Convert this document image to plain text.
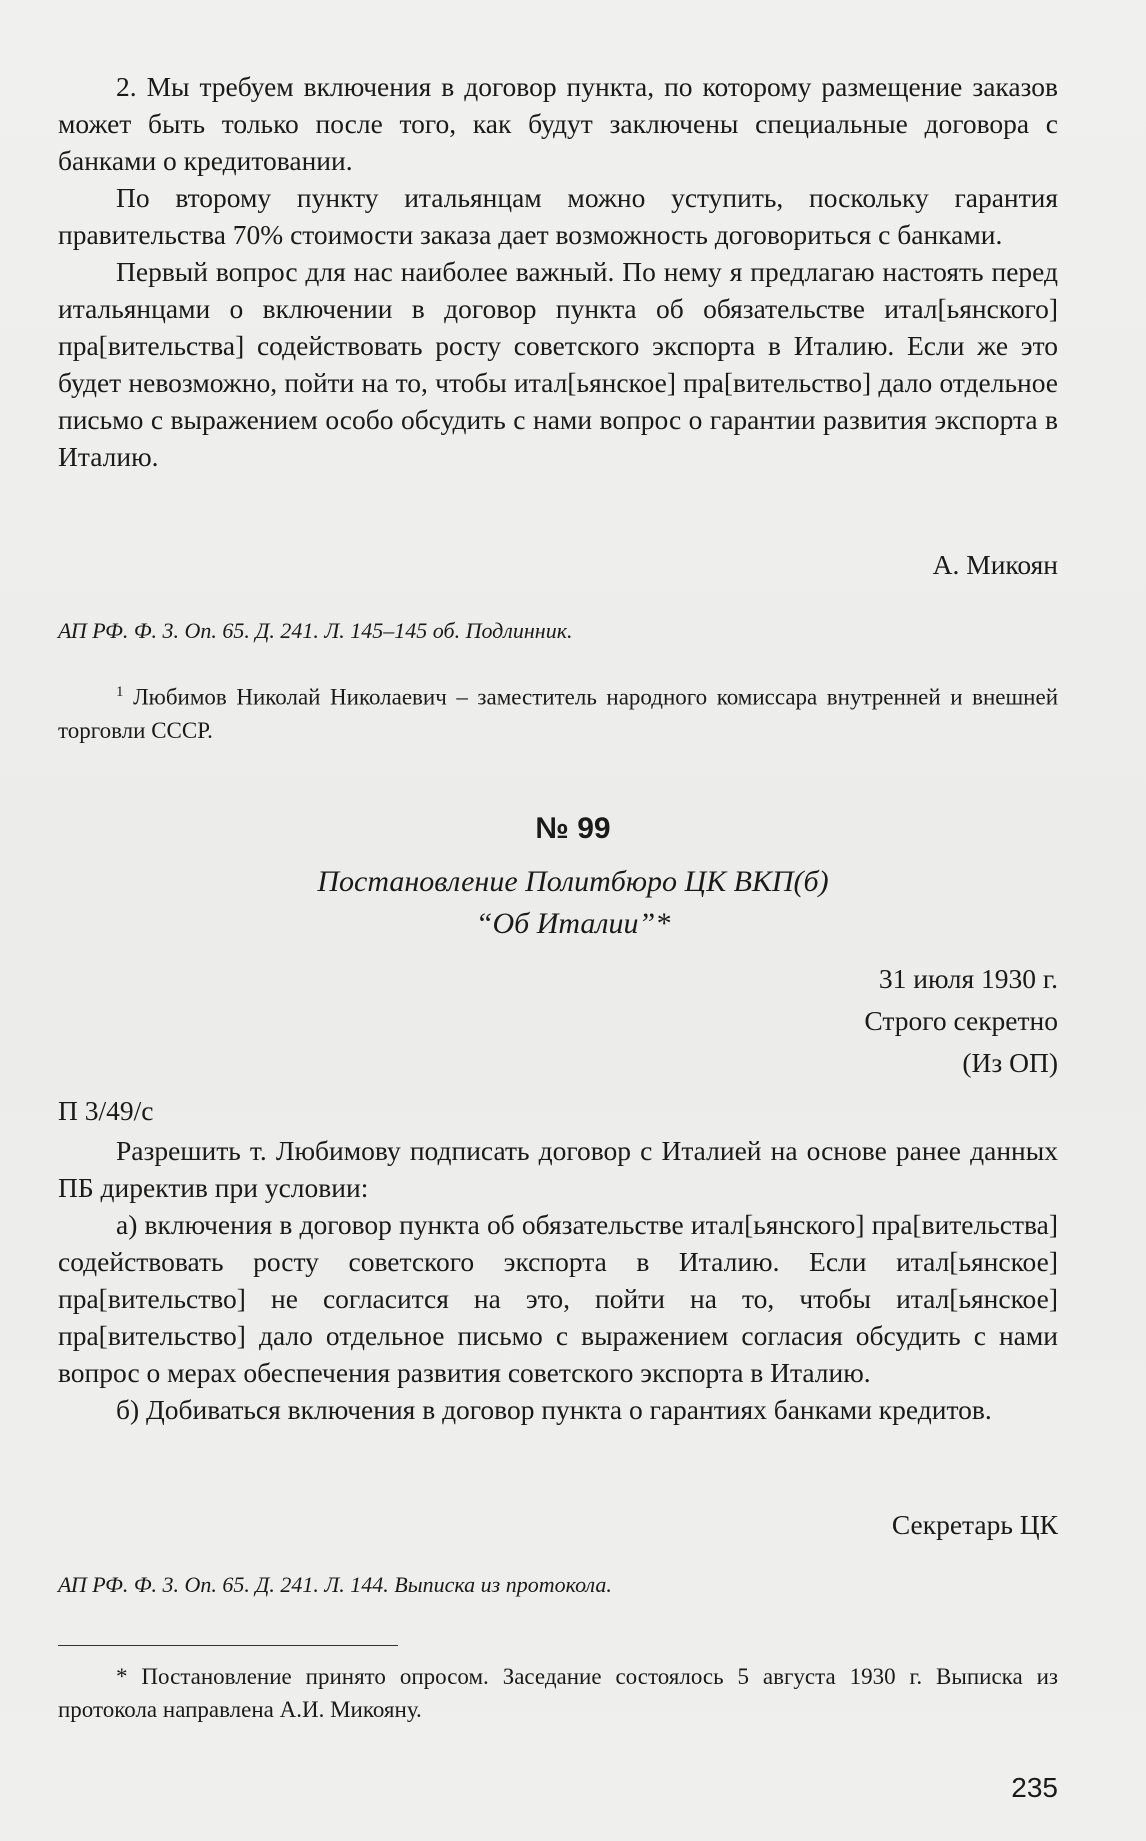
2. Мы требуем включения в договор пункта, по которому размещение заказов может быть только после того, как будут заключены специальные договора с банками о кредитовании.

По второму пункту итальянцам можно уступить, поскольку гарантия правительства 70% стоимости заказа дает возможность договориться с банками.

Первый вопрос для нас наиболее важный. По нему я предлагаю настоять перед итальянцами о включении в договор пункта об обязательстве итал[ьянского] пра[вительства] содействовать росту советского экспорта в Италию. Если же это будет невозможно, пойти на то, чтобы итал[ьянское] пра[вительство] дало отдельное письмо с выражением особо обсудить с нами вопрос о гарантии развития экспорта в Италию.

А. Микоян
АП РФ. Ф. 3. Оп. 65. Д. 241. Л. 145–145 об. Подлинник.

$^1$ Любимов Николай Николаевич – заместитель народного комиссара внутренней и внешней торговли СССР.

№ 99
Постановление Политбюро ЦК ВКП(б)
“Об Италии”*
31 июля 1930 г.
Строго секретно
(Из ОП)

П 3/49/с

Разрешить т. Любимову подписать договор с Италией на основе ранее данных ПБ директив при условии:

а) включения в договор пункта об обязательстве итал[ьянского] пра[вительства] содействовать росту советского экспорта в Италию. Если итал[ьянское] пра[вительство] не согласится на это, пойти на то, чтобы итал[ьянское] пра[вительство] дало отдельное письмо с выражением согласия обсудить с нами вопрос о мерах обеспечения развития советского экспорта в Италию.

б) Добиваться включения в договор пункта о гарантиях банками кредитов.

Секретарь ЦК
АП РФ. Ф. 3. Оп. 65. Д. 241. Л. 144. Выписка из протокола.

* Постановление принято опросом. Заседание состоялось 5 августа 1930 г. Выписка из протокола направлена А.И. Микояну.

235
